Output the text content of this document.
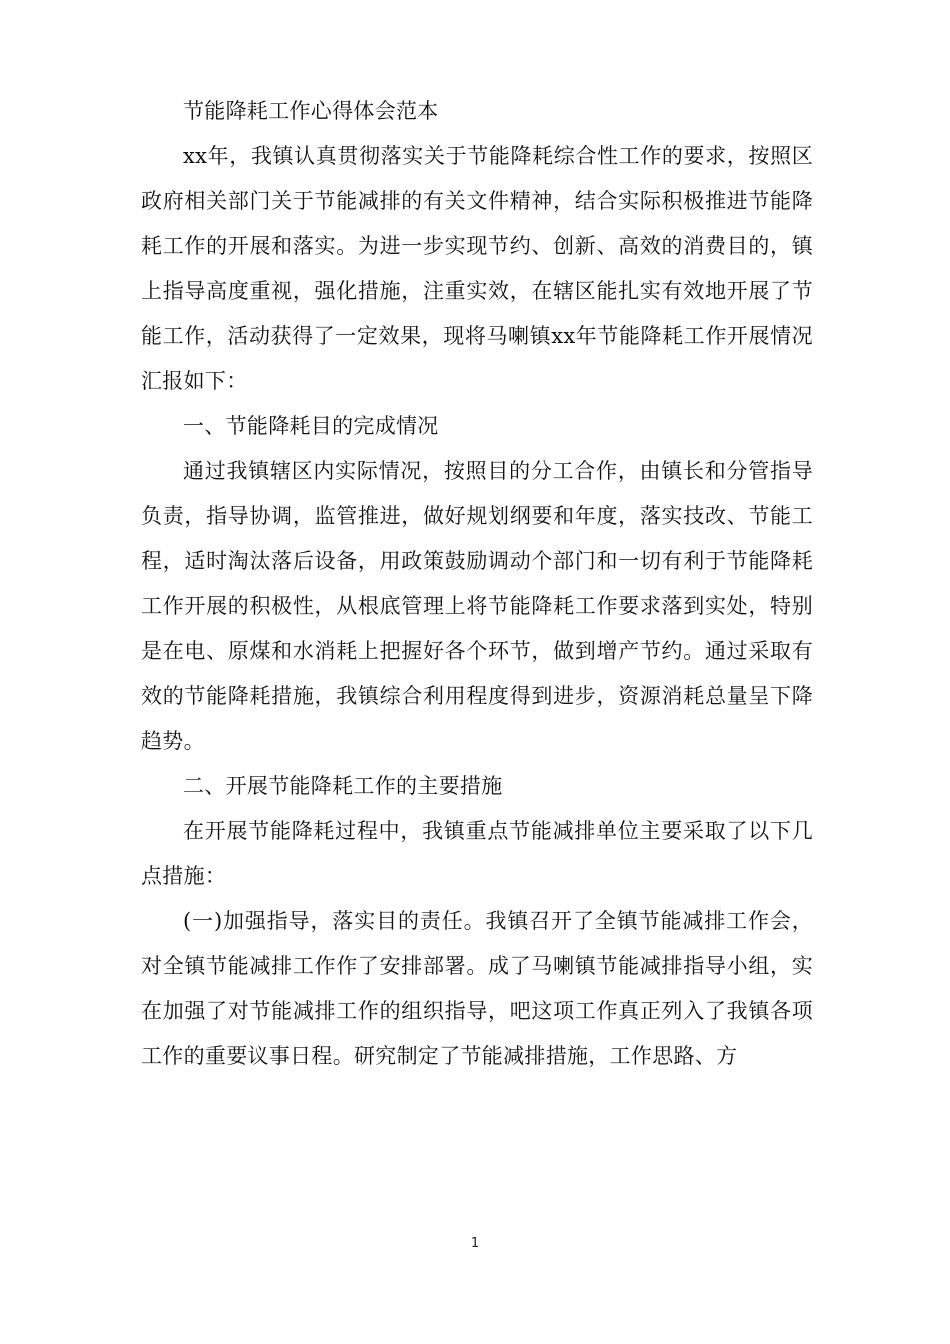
节能降耗工作心得体会范本

xx年，我镇认真贯彻落实关于节能降耗综合性工作的要求，按照区政府相关部门关于节能减排的有关文件精神，结合实际积极推进节能降耗工作的开展和落实。为进一步实现节约、创新、高效的消费目的，镇上指导高度重视，强化措施，注重实效，在辖区能扎实有效地开展了节能工作，活动获得了一定效果，现将马喇镇xx年节能降耗工作开展情况汇报如下：

一、节能降耗目的完成情况

通过我镇辖区内实际情况，按照目的分工合作，由镇长和分管指导负责，指导协调，监管推进，做好规划纲要和年度，落实技改、节能工程，适时淘汰落后设备，用政策鼓励调动个部门和一切有利于节能降耗工作开展的积极性，从根底管理上将节能降耗工作要求落到实处，特别是在电、原煤和水消耗上把握好各个环节，做到增产节约。通过采取有效的节能降耗措施，我镇综合利用程度得到进步，资源消耗总量呈下降趋势。

二、开展节能降耗工作的主要措施

在开展节能降耗过程中，我镇重点节能减排单位主要采取了以下几点措施：

(一)加强指导，落实目的责任。我镇召开了全镇节能减排工作会，对全镇节能减排工作作了安排部署。成了马喇镇节能减排指导小组，实在加强了对节能减排工作的组织指导，吧这项工作真正列入了我镇各项工作的重要议事日程。研究制定了节能减排措施，工作思路、方

1
